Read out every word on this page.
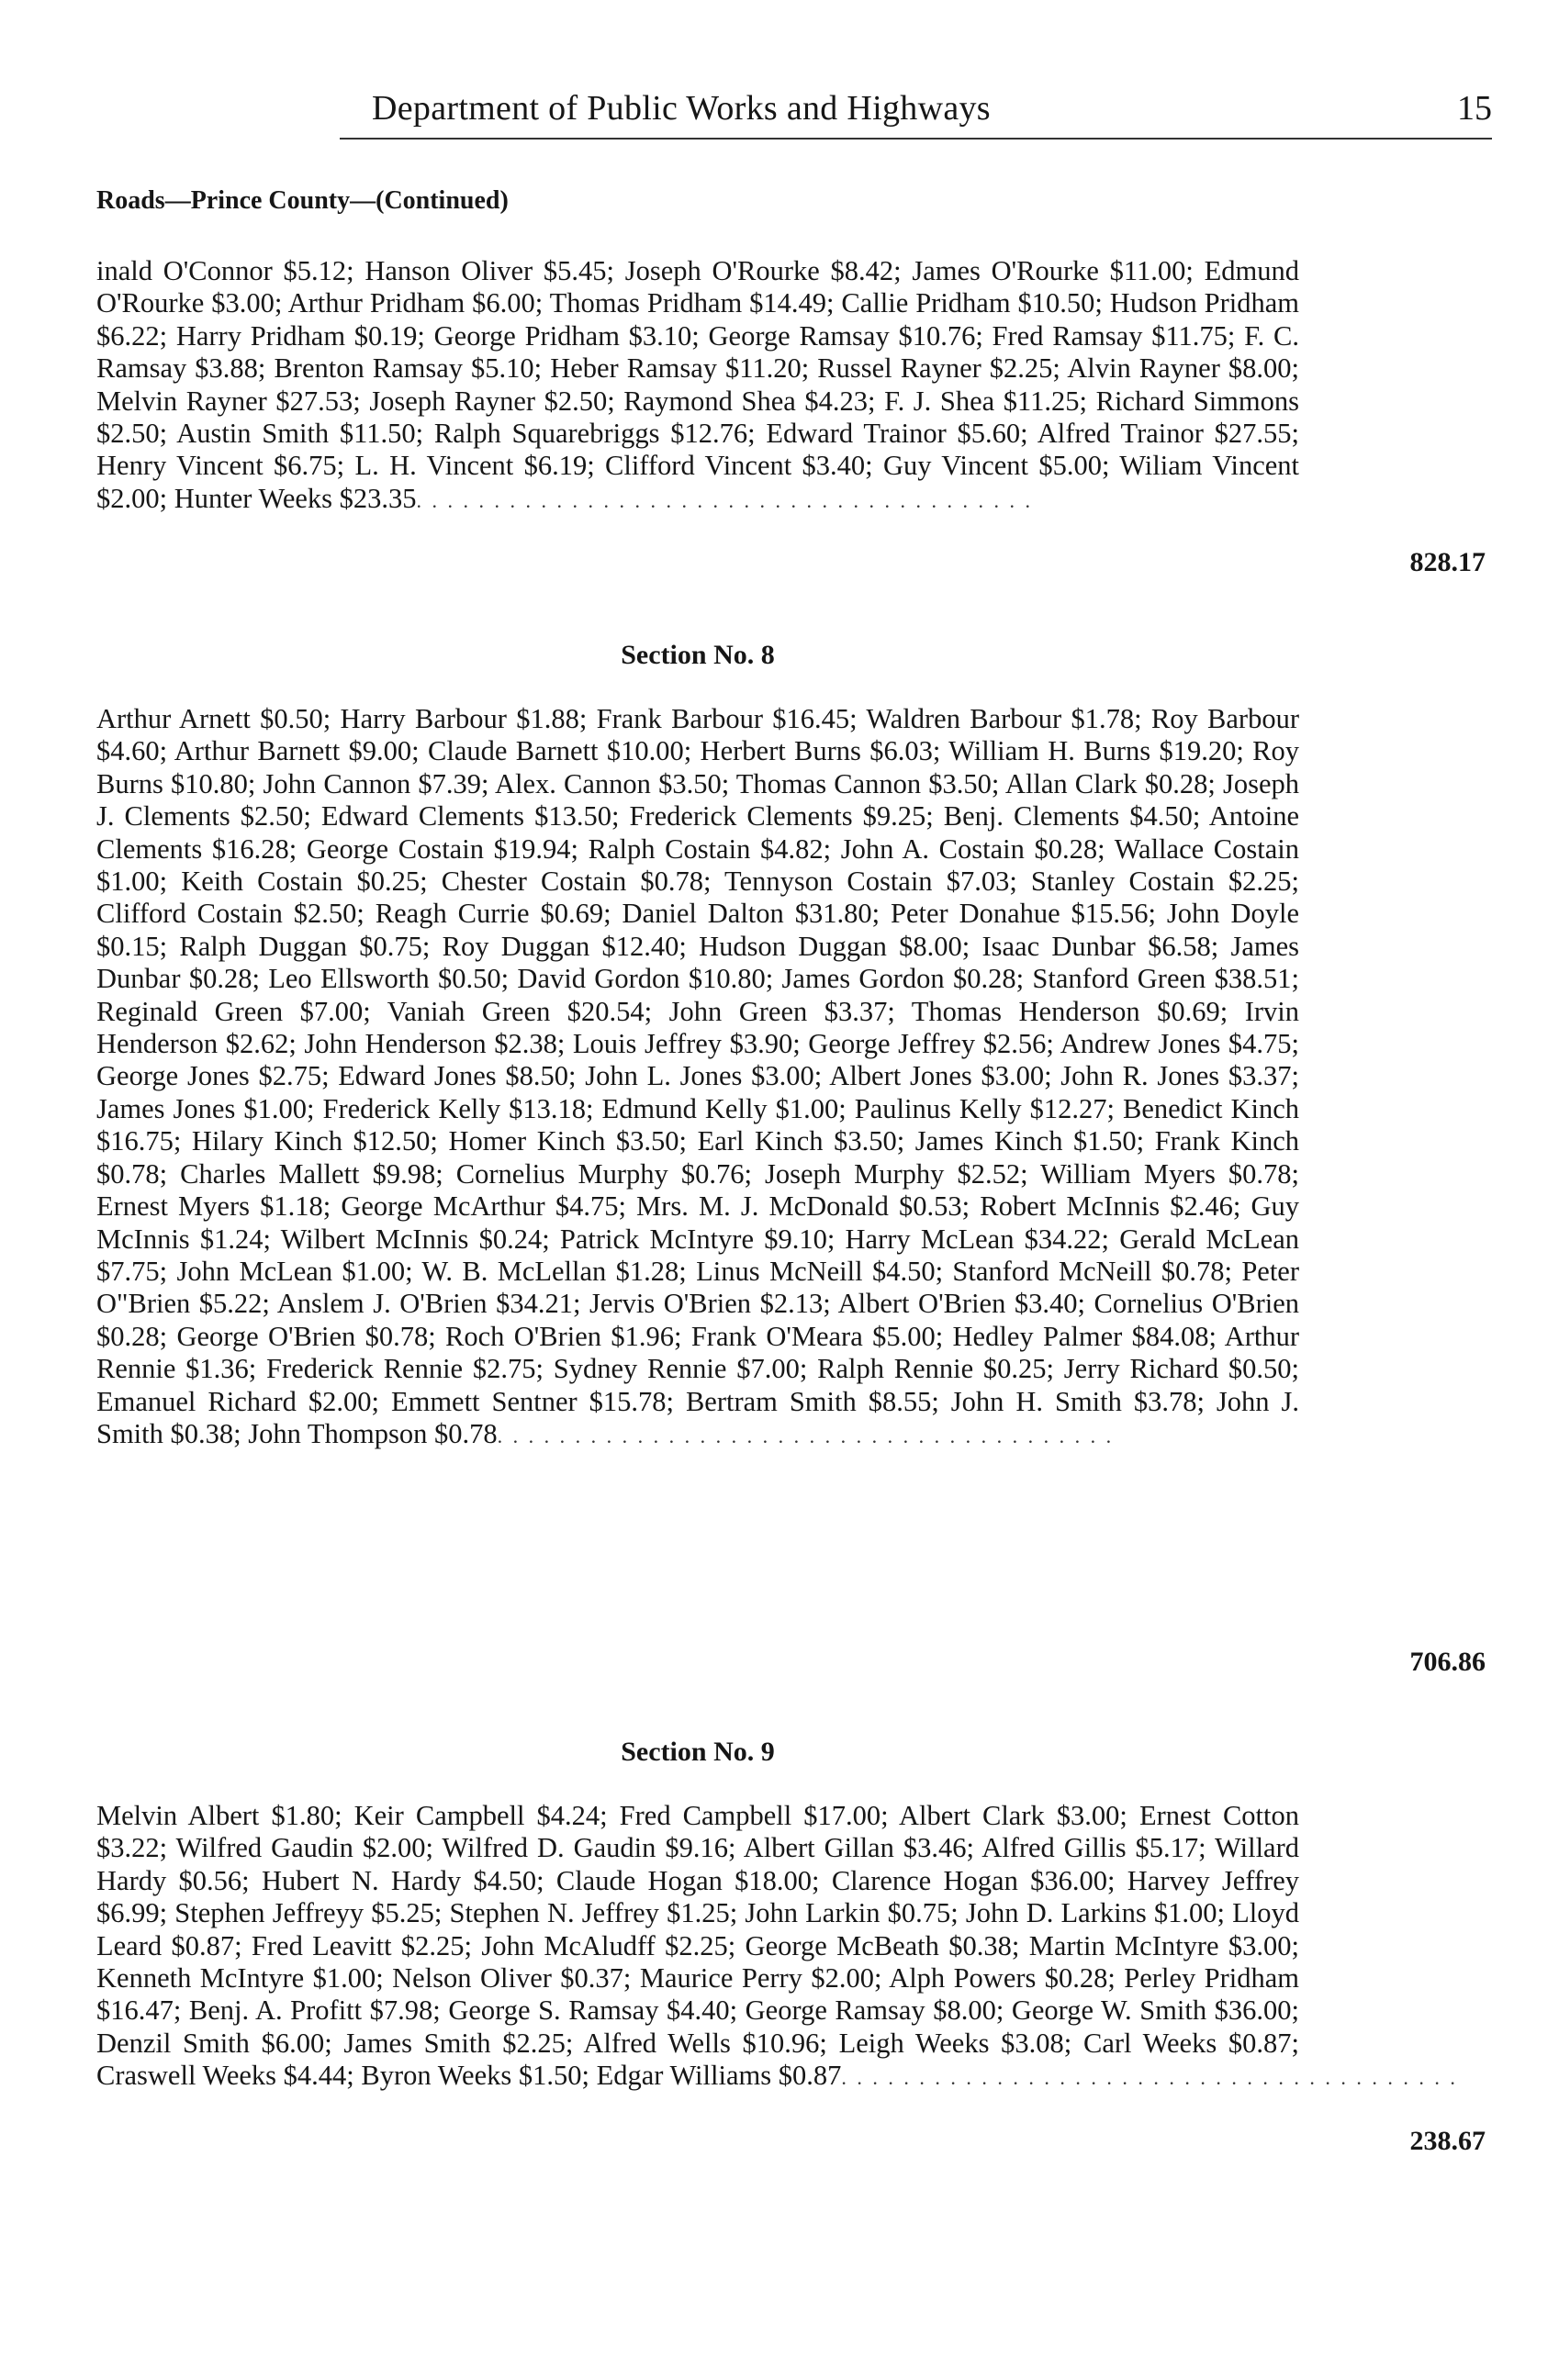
Department of Public Works and Highways	15
Roads—Prince County—(Continued)
inald O'Connor $5.12; Hanson Oliver $5.45; Joseph O'Rourke $8.42; James O'Rourke $11.00; Edmund O'Rourke $3.00; Arthur Pridham $6.00; Thomas Pridham $14.49; Callie Pridham $10.50; Hudson Pridham $6.22; Harry Pridham $0.19; George Pridham $3.10; George Ramsay $10.76; Fred Ramsay $11.75; F. C. Ramsay $3.88; Brenton Ramsay $5.10; Heber Ramsay $11.20; Russel Rayner $2.25; Alvin Rayner $8.00; Melvin Rayner $27.53; Joseph Rayner $2.50; Raymond Shea $4.23; F. J. Shea $11.25; Richard Simmons $2.50; Austin Smith $11.50; Ralph Squarebriggs $12.76; Edward Trainor $5.60; Alfred Trainor $27.55; Henry Vincent $6.75; L. H. Vincent $6.19; Clifford Vincent $3.40; Guy Vincent $5.00; Wiliam Vincent $2.00; Hunter Weeks $23.35. . . . . . . . . . . . . . . . . . . . . . . . . . . . . . . . . . . . . . . .
828.17
Section No. 8
Arthur Arnett $0.50; Harry Barbour $1.88; Frank Barbour $16.45; Waldren Barbour $1.78; Roy Barbour $4.60; Arthur Barnett $9.00; Claude Barnett $10.00; Herbert Burns $6.03; William H. Burns $19.20; Roy Burns $10.80; John Cannon $7.39; Alex. Cannon $3.50; Thomas Cannon $3.50; Allan Clark $0.28; Joseph J. Clements $2.50; Edward Clements $13.50; Frederick Clements $9.25; Benj. Clements $4.50; Antoine Clements $16.28; George Costain $19.94; Ralph Costain $4.82; John A. Costain $0.28; Wallace Costain $1.00; Keith Costain $0.25; Chester Costain $0.78; Tennyson Costain $7.03; Stanley Costain $2.25; Clifford Costain $2.50; Reagh Currie $0.69; Daniel Dalton $31.80; Peter Donahue $15.56; John Doyle $0.15; Ralph Duggan $0.75; Roy Duggan $12.40; Hudson Duggan $8.00; Isaac Dunbar $6.58; James Dunbar $0.28; Leo Ellsworth $0.50; David Gordon $10.80; James Gordon $0.28; Stanford Green $38.51; Reginald Green $7.00; Vaniah Green $20.54; John Green $3.37; Thomas Henderson $0.69; Irvin Henderson $2.62; John Henderson $2.38; Louis Jeffrey $3.90; George Jeffrey $2.56; Andrew Jones $4.75; George Jones $2.75; Edward Jones $8.50; John L. Jones $3.00; Albert Jones $3.00; John R. Jones $3.37; James Jones $1.00; Frederick Kelly $13.18; Edmund Kelly $1.00; Paulinus Kelly $12.27; Benedict Kinch $16.75; Hilary Kinch $12.50; Homer Kinch $3.50; Earl Kinch $3.50; James Kinch $1.50; Frank Kinch $0.78; Charles Mallett $9.98; Cornelius Murphy $0.76; Joseph Murphy $2.52; William Myers $0.78; Ernest Myers $1.18; George McArthur $4.75; Mrs. M. J. McDonald $0.53; Robert McInnis $2.46; Guy McInnis $1.24; Wilbert McInnis $0.24; Patrick McIntyre $9.10; Harry McLean $34.22; Gerald McLean $7.75; John McLean $1.00; W. B. McLellan $1.28; Linus McNeill $4.50; Stanford McNeill $0.78; Peter O"Brien $5.22; Anslem J. O'Brien $34.21; Jervis O'Brien $2.13; Albert O'Brien $3.40; Cornelius O'Brien $0.28; George O'Brien $0.78; Roch O'Brien $1.96; Frank O'Meara $5.00; Hedley Palmer $84.08; Arthur Rennie $1.36; Frederick Rennie $2.75; Sydney Rennie $7.00; Ralph Rennie $0.25; Jerry Richard $0.50; Emanuel Richard $2.00; Emmett Sentner $15.78; Bertram Smith $8.55; John H. Smith $3.78; John J. Smith $0.38; John Thompson $0.78. . . . . . . . . . . . . . . . . . . . . . . . . . . . . . . . . . . . . . . .
706.86
Section No. 9
Melvin Albert $1.80; Keir Campbell $4.24; Fred Campbell $17.00; Albert Clark $3.00; Ernest Cotton $3.22; Wilfred Gaudin $2.00; Wilfred D. Gaudin $9.16; Albert Gillan $3.46; Alfred Gillis $5.17; Willard Hardy $0.56; Hubert N. Hardy $4.50; Claude Hogan $18.00; Clarence Hogan $36.00; Harvey Jeffrey $6.99; Stephen Jeffreyy $5.25; Stephen N. Jeffrey $1.25; John Larkin $0.75; John D. Larkins $1.00; Lloyd Leard $0.87; Fred Leavitt $2.25; John McAludff $2.25; George McBeath $0.38; Martin McIntyre $3.00; Kenneth McIntyre $1.00; Nelson Oliver $0.37; Maurice Perry $2.00; Alph Powers $0.28; Perley Pridham $16.47; Benj. A. Profitt $7.98; George S. Ramsay $4.40; George Ramsay $8.00; George W. Smith $36.00; Denzil Smith $6.00; James Smith $2.25; Alfred Wells $10.96; Leigh Weeks $3.08; Carl Weeks $0.87; Craswell Weeks $4.44; Byron Weeks $1.50; Edgar Williams $0.87. . . . . . . . . . . . . . . . . . . . . . . . . . . . . . . . . . . . . . . .
238.67
